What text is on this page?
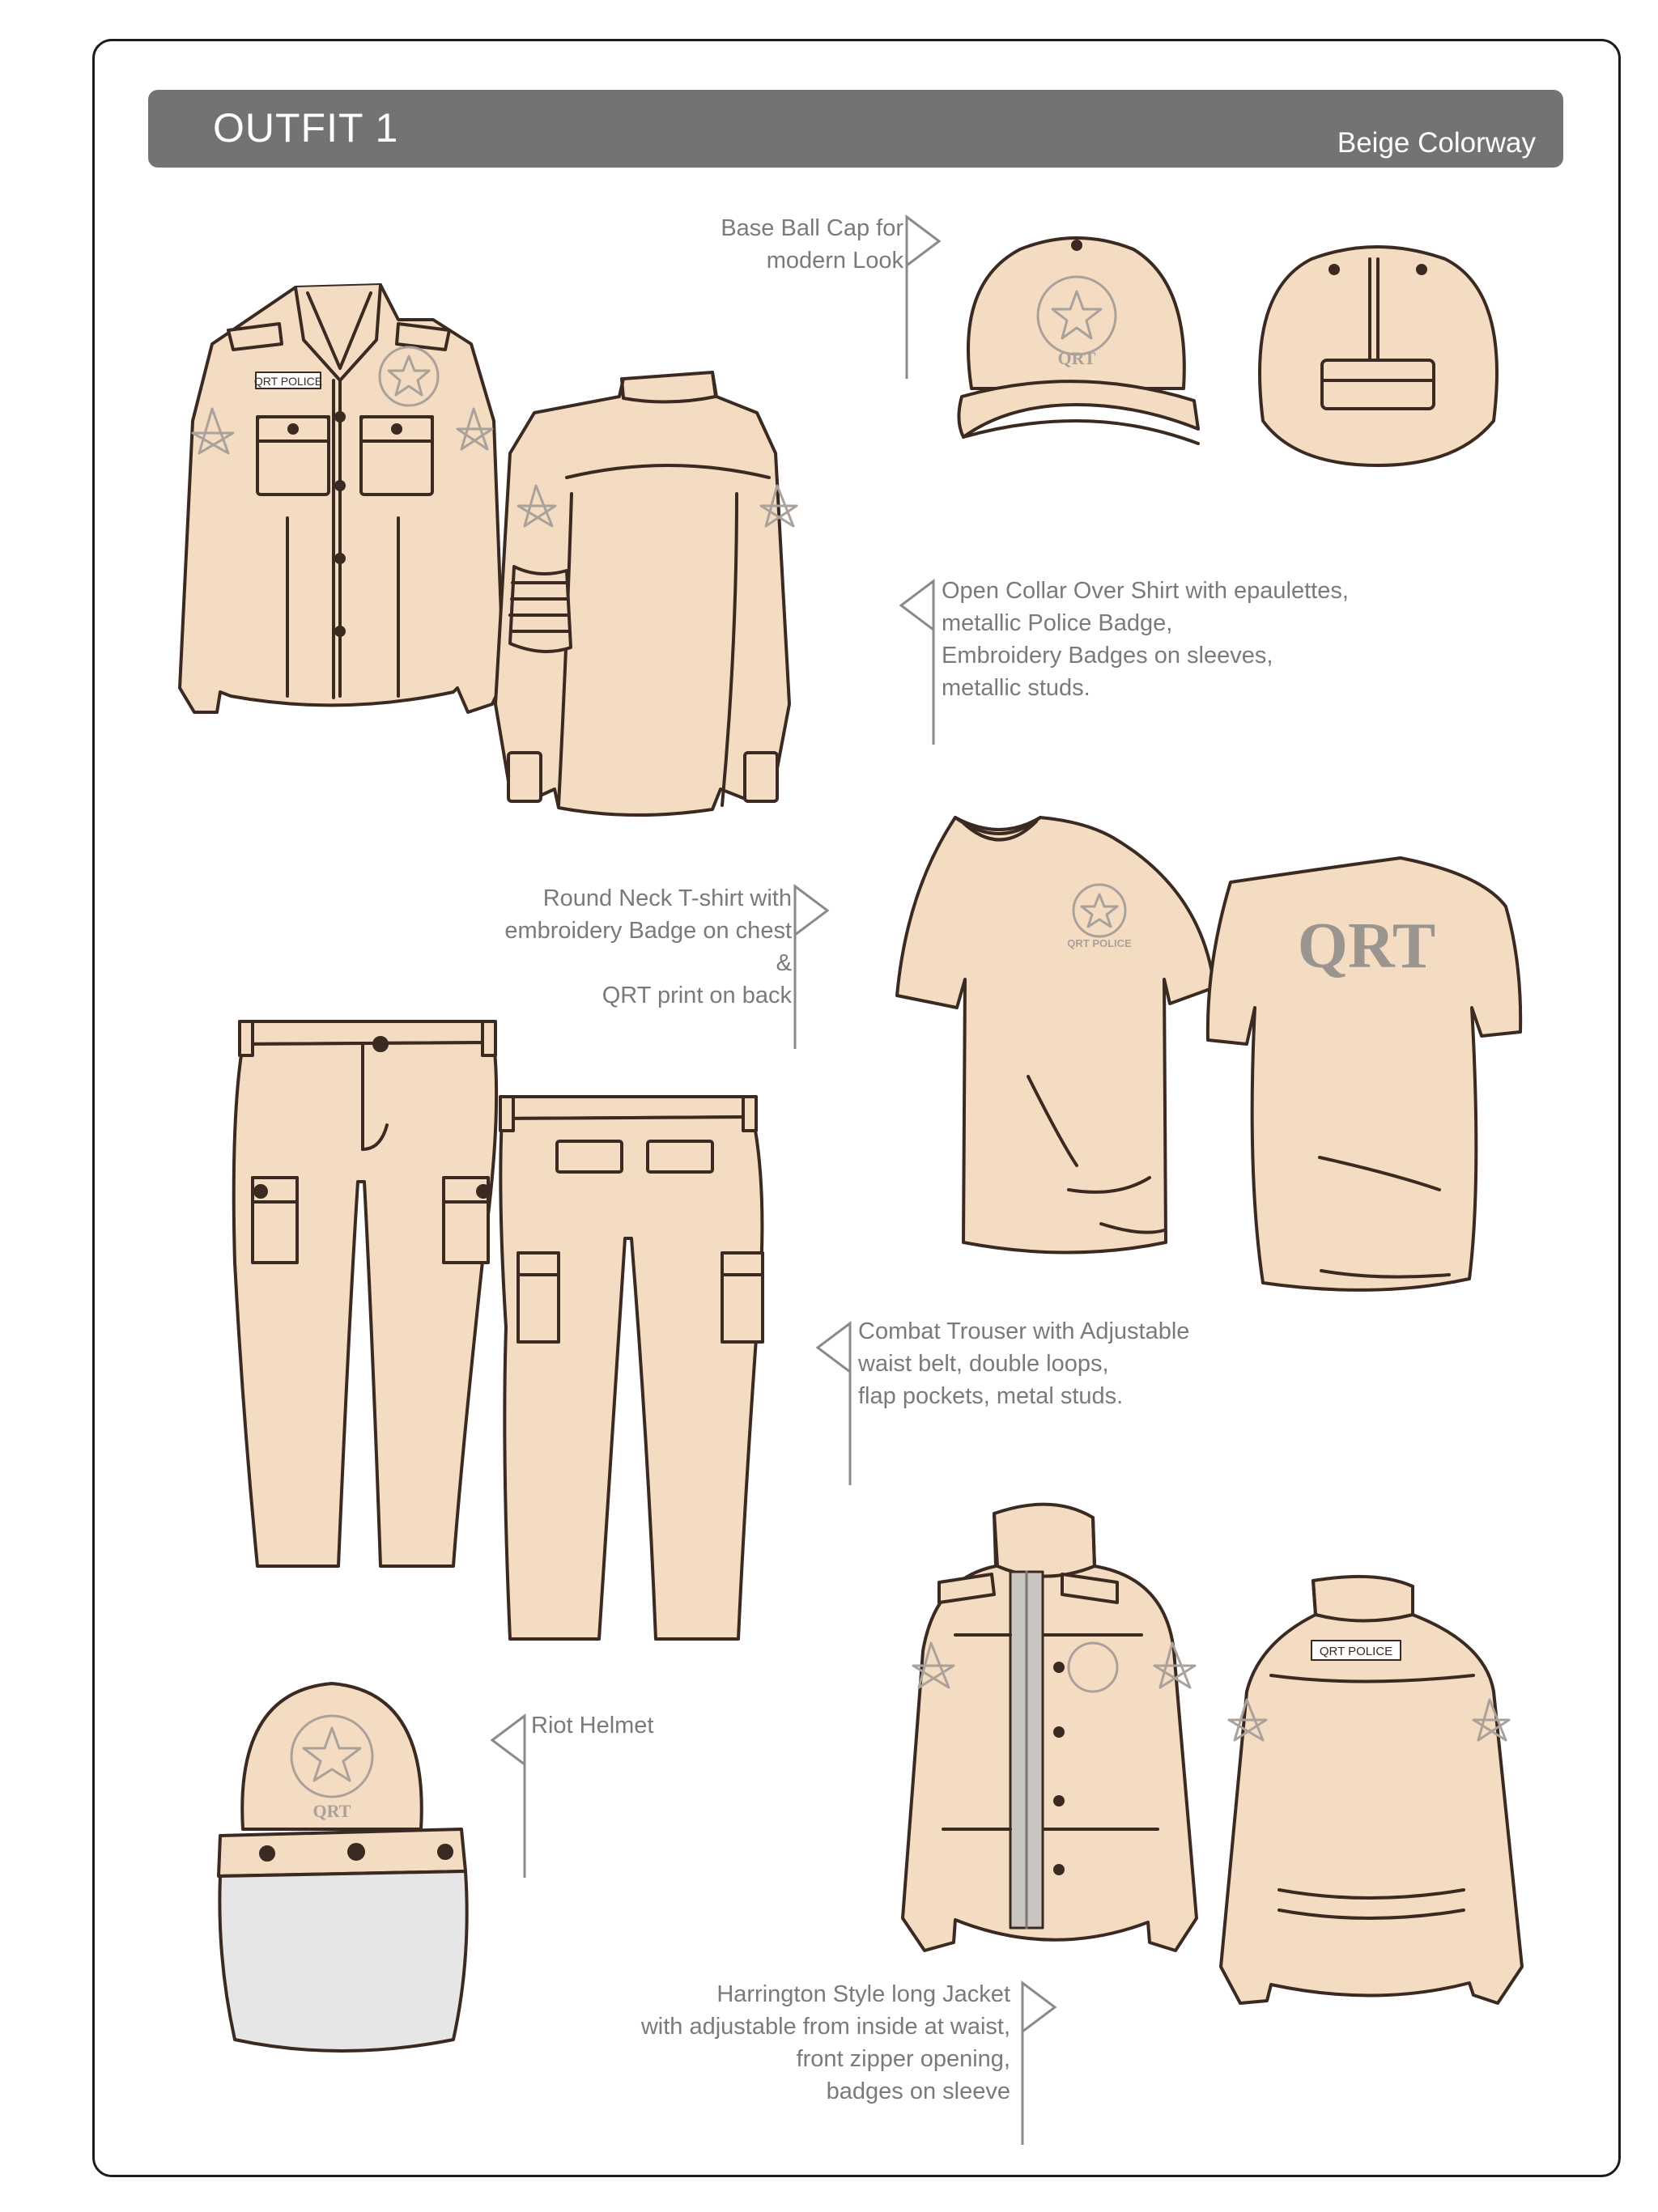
OUTFIT 1	Beige Colorway
QRT POLICE
QRT
QRT POLICE	QRT
QRT POLICE
QRT
Base Ball Cap for
modern Look
Open Collar Over Shirt with epaulettes,
metallic Police Badge,
Embroidery Badges on sleeves,
metallic studs.
Round Neck T-shirt with
embroidery Badge on chest
&
QRT print on back
Combat Trouser with Adjustable
waist belt, double loops,
flap pockets, metal studs.
Riot Helmet
Harrington Style long Jacket
with adjustable from inside at waist,
front zipper opening,
badges on sleeve
